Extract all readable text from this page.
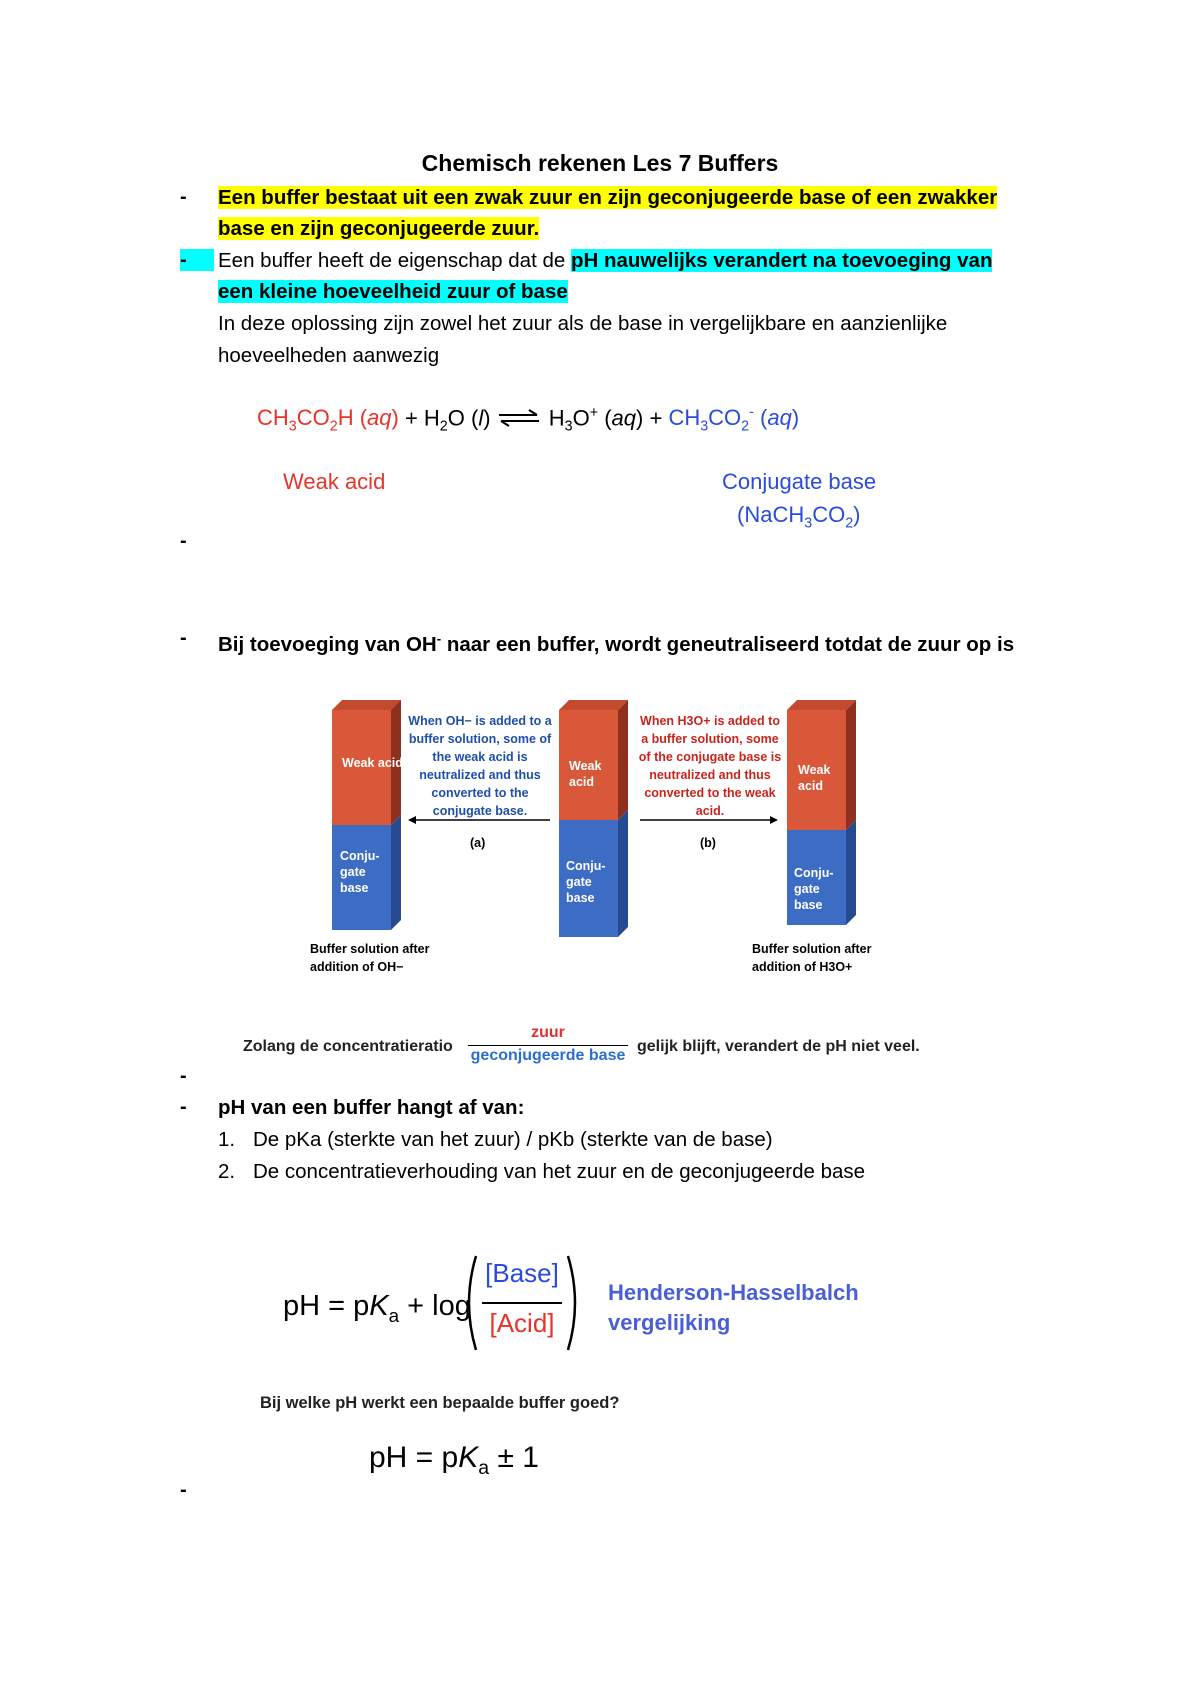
Chemisch rekenen Les 7 Buffers
- Een buffer bestaat uit een zwak zuur en zijn geconjugeerde base of een zwakker
base en zijn geconjugeerde zuur.
- Een buffer heeft de eigenschap dat de pH nauwelijks verandert na toevoeging van
een kleine hoeveelheid zuur of base
In deze oplossing zijn zowel het zuur als de base in vergelijkbare en aanzienlijke
hoeveelheden aanwezig
$CH_3CO_2H$ $(aq) + H_2O$ (l) ⇌ $H_3O^+$ $(aq) + CH_3CO_2^-$ (aq)
Weak acid	Conjugate base
$(NaCH_3CO_2)$
-
- Bij toevoeging van OH- naar een buffer, wordt geneutraliseerd totdat de zuur op is
Weak acid
Conju-gate base
Weak acid
Conju-gate base
Weak acid
Conju-gate base
When OH− is added to a buffer solution, some of the weak acid is neutralized and thus converted to the conjugate base.
When H3O+ is added to a buffer solution, some of the conjugate base is neutralized and thus converted to the weak acid.
(a)	(b)
Buffer solution after addition of OH−
Buffer solution after addition of H3O+
Zolang de concentratieratio
zuur
geconjugeerde base
gelijk blijft, verandert de pH niet veel.
-
- pH van een buffer hangt af van:
1. De pKa (sterkte van het zuur) / pKb (sterkte van de base)
2. De concentratieverhouding van het zuur en de geconjugeerde base
pH = $pK_a + \log$
[Base]
[Acid]
Henderson-Hasselbalch
vergelijking
Bij welke pH werkt een bepaalde buffer goed?
pH = $pK_a \pm 1$
-
